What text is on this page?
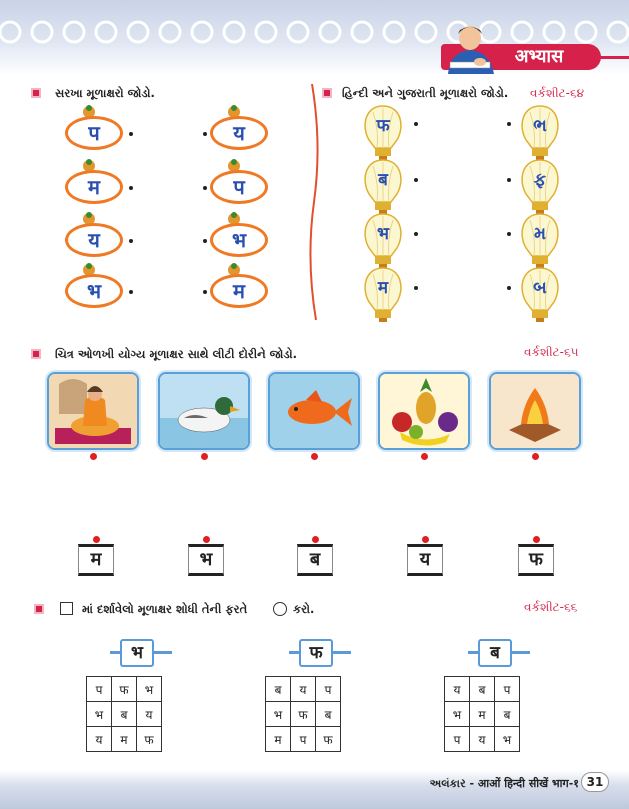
अभ्यास
સરખા મૂળાક્ષરો જોડો.
प
म
य
भ
य
प
भ
म
હિન્દી અને ગુજરાતી મૂળાક્ષરો જોડો. વર્કશીટ-૬૪
फ
ब
भ
म
ભ
ફ
મ
બ
ચિત્ર ઓળખી યોગ્ય મૂળાક્ષર સાથે લીટી દોરીને જોડો.	વર્કશીટ-૬૫
म	भ	ब	य	फ
માં દર્શાવેલો મૂળાક્ષર શોધી તેની ફરતે	કરો.	વર્કશીટ-૬૬
भ	फ	ब
प	फ	भ
भ	ब	य
य	म	फ
ब	य	प
भ	फ	ब
म	प	फ
य	ब	प
भ	म	ब
प	य	भ
અલંકાર - आओं हिन्दी सीखें भाग-१ 31
